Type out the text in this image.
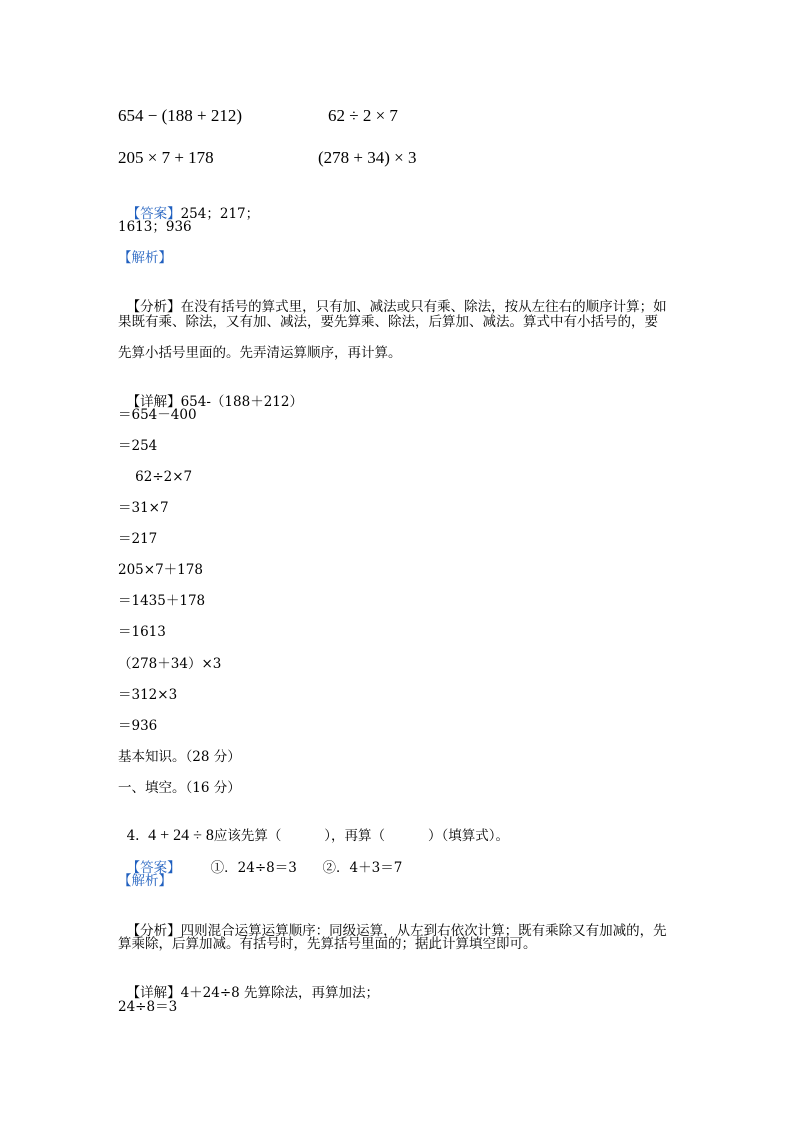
654 − (188 + 212)	62 ÷ 2 × 7
205 × 7 + 178	(278 + 34) × 3

【答案】254；217；

1613；936
【解析】

【分析】在没有括号的算式里，只有加、减法或只有乘、除法，按从左往右的顺序计算；如

果既有乘、除法，又有加、减法，要先算乘、除法，后算加、减法。算式中有小括号的，要
先算小括号里面的。先弄清运算顺序，再计算。

【详解】654-（188＋212）

＝654－400
＝254
62÷2×7
＝31×7
＝217
205×7＋178
＝1435＋178
＝1613
（278＋34）×3
＝312×3
＝936
基本知识。（28 分）
一、填空。（16 分）

4. 4 + 24 ÷ 8应该先算（          ），再算（          ）（填算式）。

【答案】 ①．24÷8＝3      ②．4＋3＝7

【解析】

【分析】四则混合运算运算顺序：同级运算，从左到右依次计算；既有乘除又有加减的，先

算乘除，后算加减。有括号时，先算括号里面的；据此计算填空即可。

【详解】4＋24÷8 先算除法，再算加法；

24÷8＝3
